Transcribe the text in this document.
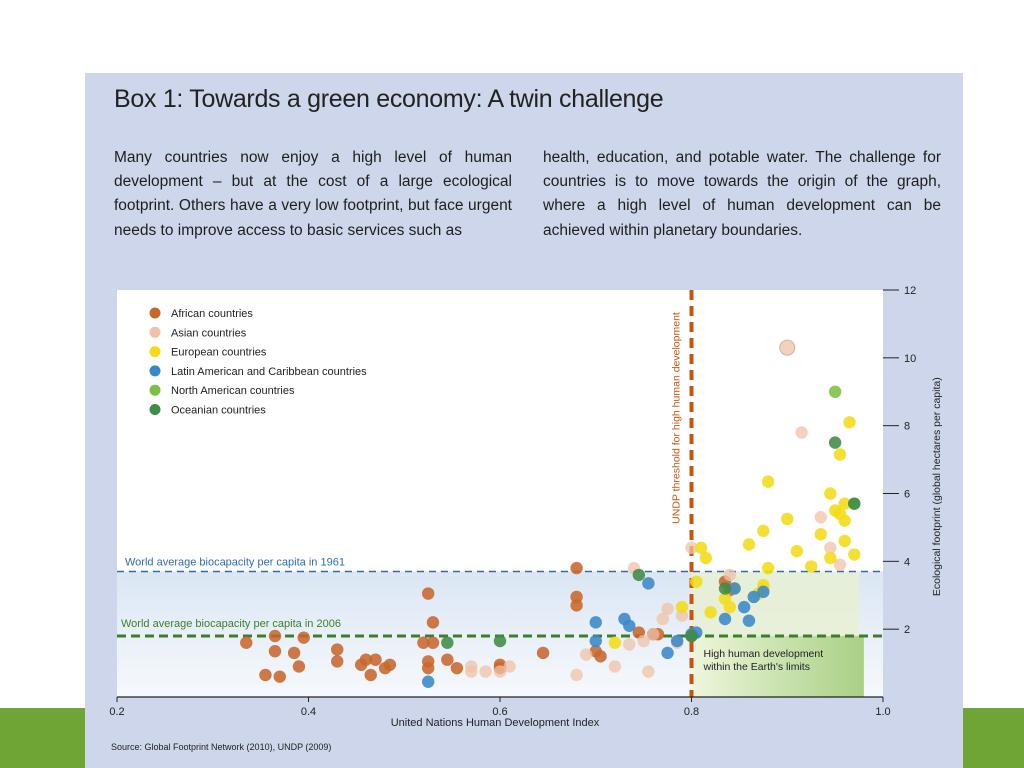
Box 1: Towards a green economy: A twin challenge
Many countries now enjoy a high level of human development – but at the cost of a large ecological footprint. Others have a very low footprint, but face urgent needs to improve access to basic services such as
health, education, and potable water. The challenge for countries is to move towards the origin of the graph, where a high level of human development can be achieved within planetary boundaries.
0.2	0.4	0.6	0.8	1.0
United Nations Human Development Index
2
4
6
8
10
12
Ecological footprint (global hectares per capita)
African countries
Asian countries
European countries
Latin American and Caribbean countries
North American countries
Oceanian countries
World average biocapacity per capita in 1961
World average biocapacity per capita in 2006
UNDP threshold for high human development
High human development within the Earth's limits
Source: Global Footprint Network (2010), UNDP (2009)
